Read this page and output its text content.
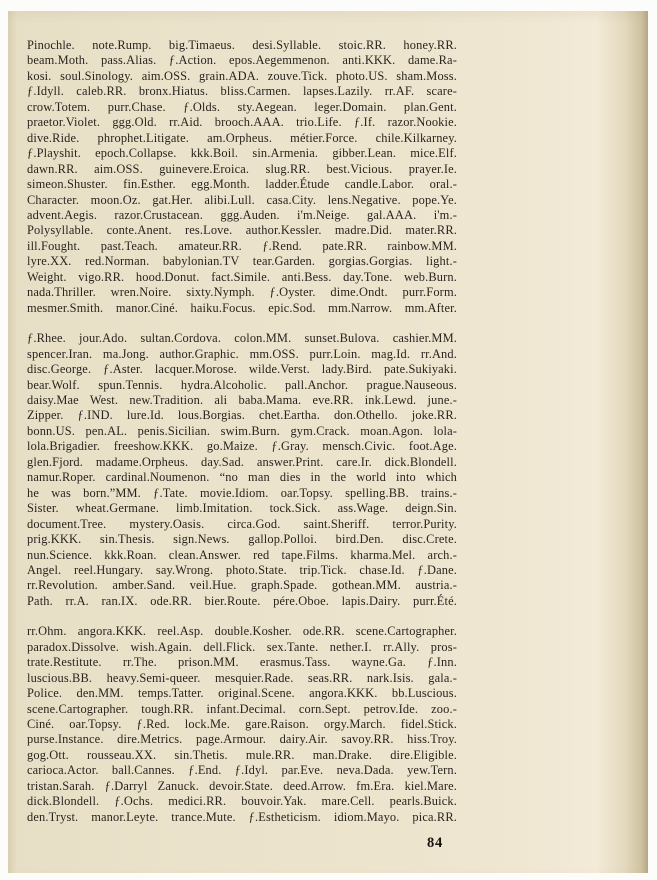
Pinochle. note.Rump. big.Timaeus. desi.Syllable. stoic.RR. honey.RR.
beam.Moth. pass.Alias. ƒ.Action. epos.Aegemmenon. anti.KKK. dame.Ra-
kosi. soul.Sinology. aim.OSS. grain.ADA. zouve.Tick. photo.US. sham.Moss.
ƒ.Idyll. caleb.RR. bronx.Hiatus. bliss.Carmen. lapses.Lazily. rr.AF. scare-
crow.Totem. purr.Chase. ƒ.Olds. sty.Aegean. leger.Domain. plan.Gent.
praetor.Violet. ggg.Old. rr.Aid. brooch.AAA. trio.Life. ƒ.If. razor.Nookie.
dive.Ride. phrophet.Litigate. am.Orpheus. métier.Force. chile.Kilkarney.
ƒ.Playshit. epoch.Collapse. kkk.Boil. sin.Armenia. gibber.Lean. mice.Elf.
dawn.RR. aim.OSS. guinevere.Eroica. slug.RR. best.Vicious. prayer.Ie.
simeon.Shuster. fin.Esther. egg.Month. ladder.Étude candle.Labor. oral.-
Character. moon.Oz. gat.Her. alibi.Lull. casa.City. lens.Negative. pope.Ye.
advent.Aegis. razor.Crustacean. ggg.Auden. i'm.Neige. gal.AAA. i'm.-
Polysyllable. conte.Anent. res.Love. author.Kessler. madre.Did. mater.RR.
ill.Fought. past.Teach. amateur.RR. ƒ.Rend. pate.RR. rainbow.MM.
lyre.XX. red.Norman. babylonian.TV tear.Garden. gorgias.Gorgias. light.-
Weight. vigo.RR. hood.Donut. fact.Simile. anti.Bess. day.Tone. web.Burn.
nada.Thriller. wren.Noire. sixty.Nymph. ƒ.Oyster. dime.Ondt. purr.Form.
mesmer.Smith. manor.Ciné. haiku.Focus. epic.Sod. mm.Narrow. mm.After.
ƒ.Rhee. jour.Ado. sultan.Cordova. colon.MM. sunset.Bulova. cashier.MM.
spencer.Iran. ma.Jong. author.Graphic. mm.OSS. purr.Loin. mag.Id. rr.And.
disc.George. ƒ.Aster. lacquer.Morose. wilde.Verst. lady.Bird. pate.Sukiyaki.
bear.Wolf. spun.Tennis. hydra.Alcoholic. pall.Anchor. prague.Nauseous.
daisy.Mae West. new.Tradition. ali baba.Mama. eve.RR. ink.Lewd. june.-
Zipper. ƒ.IND. lure.Id. lous.Borgias. chet.Eartha. don.Othello. joke.RR.
bonn.US. pen.AL. penis.Sicilian. swim.Burn. gym.Crack. moan.Agon. lola-
lola.Brigadier. freeshow.KKK. go.Maize. ƒ.Gray. mensch.Civic. foot.Age.
glen.Fjord. madame.Orpheus. day.Sad. answer.Print. care.Ir. dick.Blondell.
namur.Roper. cardinal.Noumenon. “no man dies in the world into which
he was born.”MM. ƒ.Tate. movie.Idiom. oar.Topsy. spelling.BB. trains.-
Sister. wheat.Germane. limb.Imitation. tock.Sick. ass.Wage. deign.Sin.
document.Tree. mystery.Oasis. circa.God. saint.Sheriff. terror.Purity.
prig.KKK. sin.Thesis. sign.News. gallop.Polloi. bird.Den. disc.Crete.
nun.Science. kkk.Roan. clean.Answer. red tape.Films. kharma.Mel. arch.-
Angel. reel.Hungary. say.Wrong. photo.State. trip.Tick. chase.Id. ƒ.Dane.
rr.Revolution. amber.Sand. veil.Hue. graph.Spade. gothean.MM. austria.-
Path. rr.A. ran.IX. ode.RR. bier.Route. pére.Oboe. lapis.Dairy. purr.Été.
rr.Ohm. angora.KKK. reel.Asp. double.Kosher. ode.RR. scene.Cartographer.
paradox.Dissolve. wish.Again. dell.Flick. sex.Tante. nether.I. rr.Ally. pros-
trate.Restitute. rr.The. prison.MM. erasmus.Tass. wayne.Ga. ƒ.Inn.
luscious.BB. heavy.Semi-queer. mesquier.Rade. seas.RR. nark.Isis. gala.-
Police. den.MM. temps.Tatter. original.Scene. angora.KKK. bb.Luscious.
scene.Cartographer. tough.RR. infant.Decimal. corn.Sept. petrov.Ide. zoo.-
Ciné. oar.Topsy. ƒ.Red. lock.Me. gare.Raison. orgy.March. fidel.Stick.
purse.Instance. dire.Metrics. page.Armour. dairy.Air. savoy.RR. hiss.Troy.
gog.Ott. rousseau.XX. sin.Thetis. mule.RR. man.Drake. dire.Eligible.
carioca.Actor. ball.Cannes. ƒ.End. ƒ.Idyl. par.Eve. neva.Dada. yew.Tern.
tristan.Sarah. ƒ.Darryl Zanuck. devoir.State. deed.Arrow. fm.Era. kiel.Mare.
dick.Blondell. ƒ.Ochs. medici.RR. bouvoir.Yak. mare.Cell. pearls.Buick.
den.Tryst. manor.Leyte. trance.Mute. ƒ.Estheticism. idiom.Mayo. pica.RR.
84
